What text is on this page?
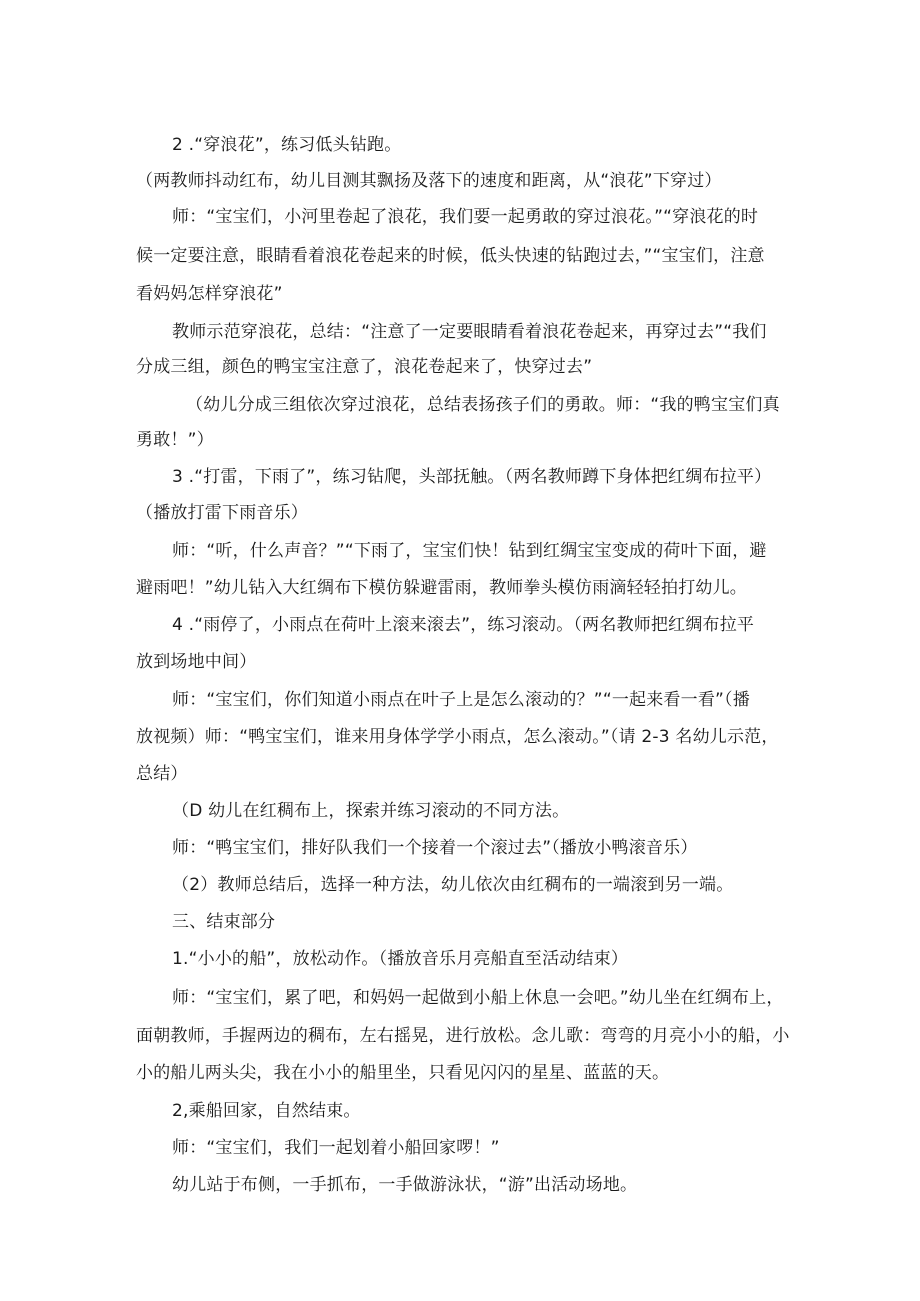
2 .“穿浪花”，练习低头钻跑。

（两教师抖动红布，幼儿目测其飘扬及落下的速度和距离，从“浪花”下穿过）

师：“宝宝们，小河里卷起了浪花，我们要一起勇敢的穿过浪花。”“穿浪花的时

候一定要注意，眼睛看着浪花卷起来的时候，低头快速的钻跑过去，”“宝宝们，注意

看妈妈怎样穿浪花”

教师示范穿浪花，总结：“注意了一定要眼睛看着浪花卷起来，再穿过去”“我们

分成三组，颜色的鸭宝宝注意了，浪花卷起来了，快穿过去”

（幼儿分成三组依次穿过浪花，总结表扬孩子们的勇敢。师：“我的鸭宝宝们真

勇敢！”）

3 .“打雷，下雨了”，练习钻爬，头部抚触。（两名教师蹲下身体把红绸布拉平）

（播放打雷下雨音乐）

师：“听，什么声音？”“下雨了，宝宝们快！钻到红绸宝宝变成的荷叶下面，避

避雨吧！”幼儿钻入大红绸布下模仿躲避雷雨，教师拳头模仿雨滴轻轻拍打幼儿。

4 .“雨停了，小雨点在荷叶上滚来滚去”，练习滚动。（两名教师把红绸布拉平

放到场地中间）

师：“宝宝们，你们知道小雨点在叶子上是怎么滚动的？”“一起来看一看”（播

放视频）师：“鸭宝宝们，谁来用身体学学小雨点，怎么滚动。”（请 2-3 名幼儿示范，

总结）

（D 幼儿在红稠布上，探索并练习滚动的不同方法。

师：“鸭宝宝们，排好队我们一个接着一个滚过去”（播放小鸭滚音乐）

（2）教师总结后，选择一种方法，幼儿依次由红稠布的一端滚到另一端。

三、结束部分

1.“小小的船”，放松动作。（播放音乐月亮船直至活动结束）

师：“宝宝们，累了吧，和妈妈一起做到小船上休息一会吧。”幼儿坐在红绸布上，

面朝教师，手握两边的稠布，左右摇晃，进行放松。念儿歌：弯弯的月亮小小的船，小

小的船儿两头尖，我在小小的船里坐，只看见闪闪的星星、蓝蓝的天。

2,乘船回家，自然结束。

师：“宝宝们，我们一起划着小船回家啰！”

幼儿站于布侧，一手抓布，一手做游泳状，“游”出活动场地。
